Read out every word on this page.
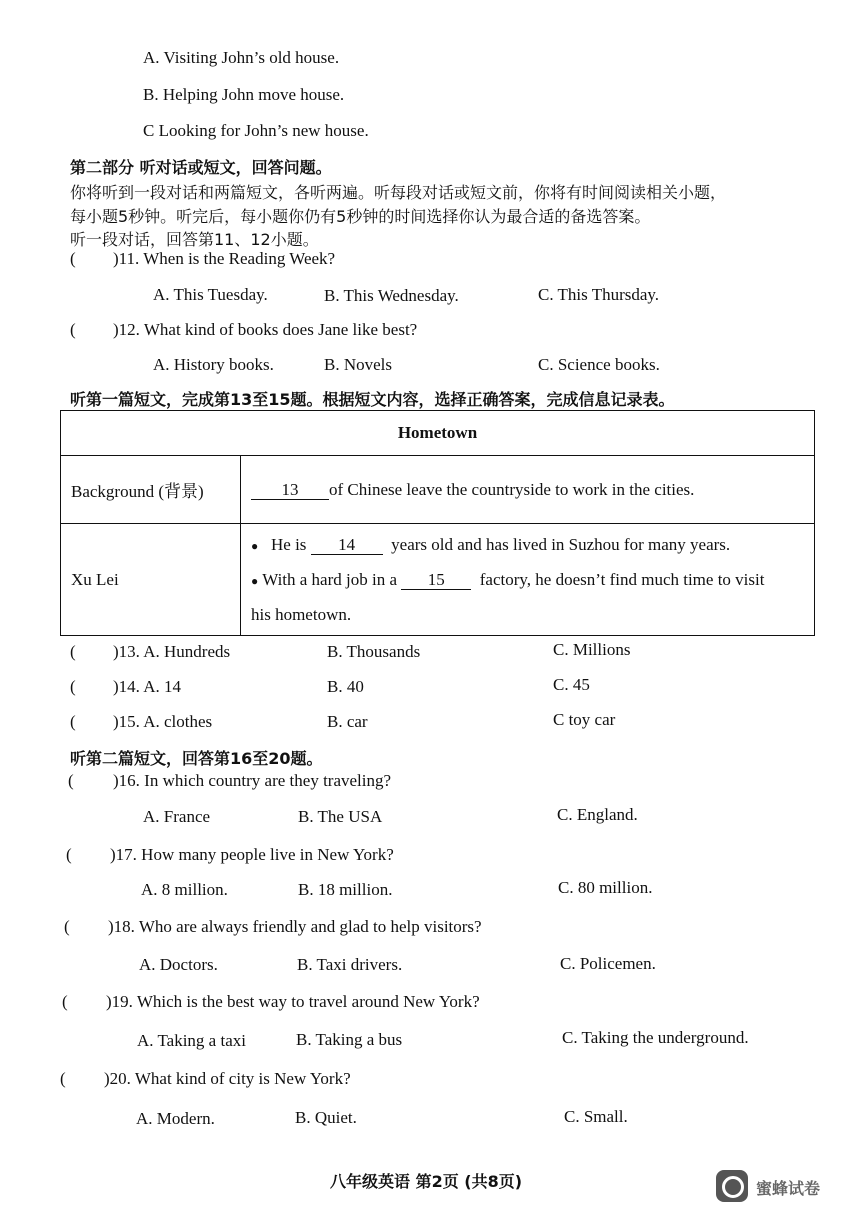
A. Visiting John’s old house.
B. Helping John move house.
C Looking for John’s new house.
第二部分 听对话或短文，回答问题。
你将听到一段对话和两篇短文，各听两遍。听每段对话或短文前，你将有时间阅读相关小题，
每小题5秒钟。听完后，每小题你仍有5秒钟的时间选择你认为最合适的备选答案。
听一段对话，回答第11、12小题。
( )11. When is the Reading Week?
A. This Tuesday.	B. This Wednesday.	C. This Thursday.
( )12. What kind of books does Jane like best?
A. History books.	B. Novels	C. Science books.
听第一篇短文，完成第13至15题。根据短文内容，选择正确答案，完成信息记录表。
Hometown	
Background (背景)	13 of Chinese leave the countryside to work in the cities.
Xu Lei	● He is 14 years old and has lived in Suzhou for many years.
● With a hard job in a 15 factory, he doesn’t find much time to visit
his hometown.
( )13. A. Hundreds	B. Thousands	C. Millions
( )14. A. 14	B. 40	C. 45
( )15. A. clothes	B. car	C toy car
听第二篇短文，回答第16至20题。
( )16. In which country are they traveling?
A. France	B. The USA	C. England.
( )17. How many people live in New York?
A. 8 million.	B. 18 million.	C. 80 million.
( )18. Who are always friendly and glad to help visitors?
A. Doctors.	B. Taxi drivers.	C. Policemen.
( )19. Which is the best way to travel around New York?
A. Taking a taxi	B. Taking a bus	C. Taking the underground.
( )20. What kind of city is New York?
A. Modern.	B. Quiet.	C. Small.
八年级英语 第2页 (共8页)	蜜蜂试卷
